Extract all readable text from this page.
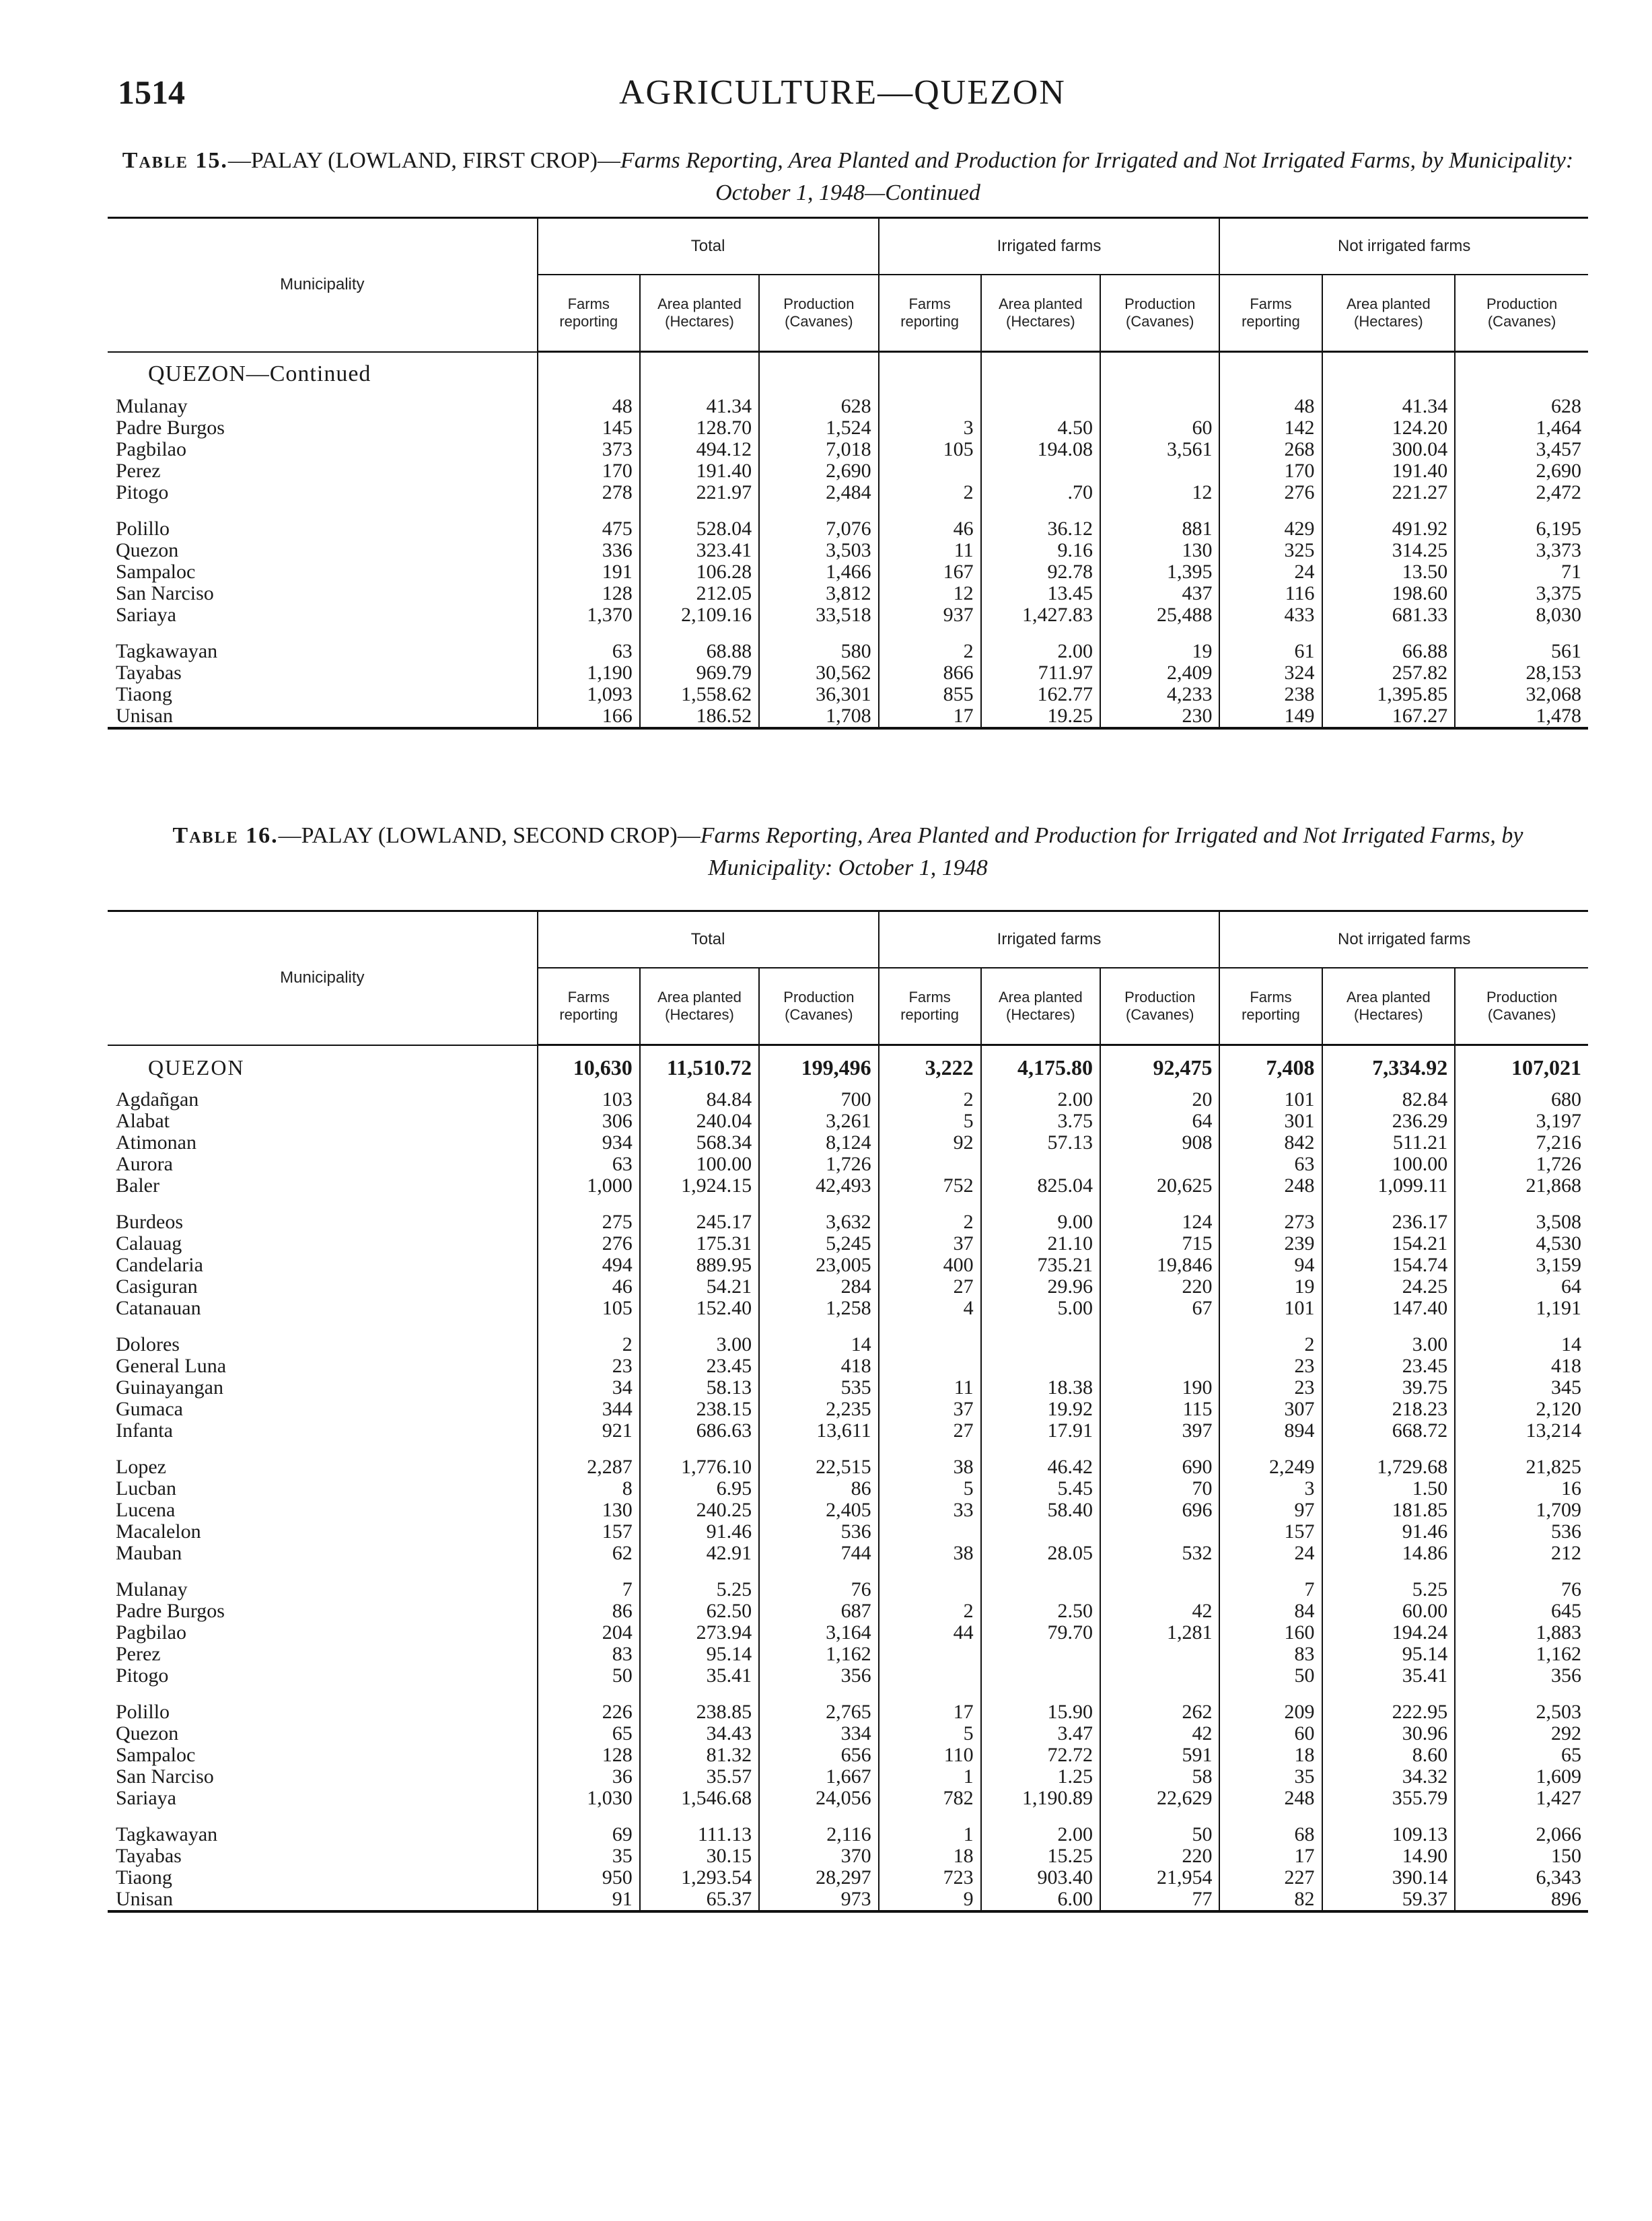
1514	AGRICULTURE—QUEZON
Table 15.—PALAY (LOWLAND, FIRST CROP)—Farms Reporting, Area Planted and Production for Irrigated and Not Irrigated Farms, by Municipality: October 1, 1948—Continued
Municipality	Total			Irrigated farms			Not irrigated farms		
	Farms reporting	Area planted (Hectares)	Production (Cavanes)	Farms reporting	Area planted (Hectares)	Production (Cavanes)	Farms reporting	Area planted (Hectares)	Production (Cavanes)
QUEZON—Continued									
Mulanay	48	41.34	628				48	41.34	628
Padre Burgos	145	128.70	1,524	3	4.50	60	142	124.20	1,464
Pagbilao	373	494.12	7,018	105	194.08	3,561	268	300.04	3,457
Perez	170	191.40	2,690				170	191.40	2,690
Pitogo	278	221.97	2,484	2	.70	12	276	221.27	2,472

Polillo	475	528.04	7,076	46	36.12	881	429	491.92	6,195
Quezon	336	323.41	3,503	11	9.16	130	325	314.25	3,373
Sampaloc	191	106.28	1,466	167	92.78	1,395	24	13.50	71
San Narciso	128	212.05	3,812	12	13.45	437	116	198.60	3,375
Sariaya	1,370	2,109.16	33,518	937	1,427.83	25,488	433	681.33	8,030

Tagkawayan	63	68.88	580	2	2.00	19	61	66.88	561
Tayabas	1,190	969.79	30,562	866	711.97	2,409	324	257.82	28,153
Tiaong	1,093	1,558.62	36,301	855	162.77	4,233	238	1,395.85	32,068
Unisan	166	186.52	1,708	17	19.25	230	149	167.27	1,478
Table 16.—PALAY (LOWLAND, SECOND CROP)—Farms Reporting, Area Planted and Production for Irrigated and Not Irrigated Farms, by Municipality: October 1, 1948
Municipality	Total			Irrigated farms			Not irrigated farms		
	Farms reporting	Area planted (Hectares)	Production (Cavanes)	Farms reporting	Area planted (Hectares)	Production (Cavanes)	Farms reporting	Area planted (Hectares)	Production (Cavanes)
QUEZON	10,630	11,510.72	199,496	3,222	4,175.80	92,475	7,408	7,334.92	107,021
Agdañgan	103	84.84	700	2	2.00	20	101	82.84	680
Alabat	306	240.04	3,261	5	3.75	64	301	236.29	3,197
Atimonan	934	568.34	8,124	92	57.13	908	842	511.21	7,216
Aurora	63	100.00	1,726				63	100.00	1,726
Baler	1,000	1,924.15	42,493	752	825.04	20,625	248	1,099.11	21,868

Burdeos	275	245.17	3,632	2	9.00	124	273	236.17	3,508
Calauag	276	175.31	5,245	37	21.10	715	239	154.21	4,530
Candelaria	494	889.95	23,005	400	735.21	19,846	94	154.74	3,159
Casiguran	46	54.21	284	27	29.96	220	19	24.25	64
Catanauan	105	152.40	1,258	4	5.00	67	101	147.40	1,191

Dolores	2	3.00	14				2	3.00	14
General Luna	23	23.45	418				23	23.45	418
Guinayangan	34	58.13	535	11	18.38	190	23	39.75	345
Gumaca	344	238.15	2,235	37	19.92	115	307	218.23	2,120
Infanta	921	686.63	13,611	27	17.91	397	894	668.72	13,214

Lopez	2,287	1,776.10	22,515	38	46.42	690	2,249	1,729.68	21,825
Lucban	8	6.95	86	5	5.45	70	3	1.50	16
Lucena	130	240.25	2,405	33	58.40	696	97	181.85	1,709
Macalelon	157	91.46	536				157	91.46	536
Mauban	62	42.91	744	38	28.05	532	24	14.86	212

Mulanay	7	5.25	76				7	5.25	76
Padre Burgos	86	62.50	687	2	2.50	42	84	60.00	645
Pagbilao	204	273.94	3,164	44	79.70	1,281	160	194.24	1,883
Perez	83	95.14	1,162				83	95.14	1,162
Pitogo	50	35.41	356				50	35.41	356

Polillo	226	238.85	2,765	17	15.90	262	209	222.95	2,503
Quezon	65	34.43	334	5	3.47	42	60	30.96	292
Sampaloc	128	81.32	656	110	72.72	591	18	8.60	65
San Narciso	36	35.57	1,667	1	1.25	58	35	34.32	1,609
Sariaya	1,030	1,546.68	24,056	782	1,190.89	22,629	248	355.79	1,427

Tagkawayan	69	111.13	2,116	1	2.00	50	68	109.13	2,066
Tayabas	35	30.15	370	18	15.25	220	17	14.90	150
Tiaong	950	1,293.54	28,297	723	903.40	21,954	227	390.14	6,343
Unisan	91	65.37	973	9	6.00	77	82	59.37	896
